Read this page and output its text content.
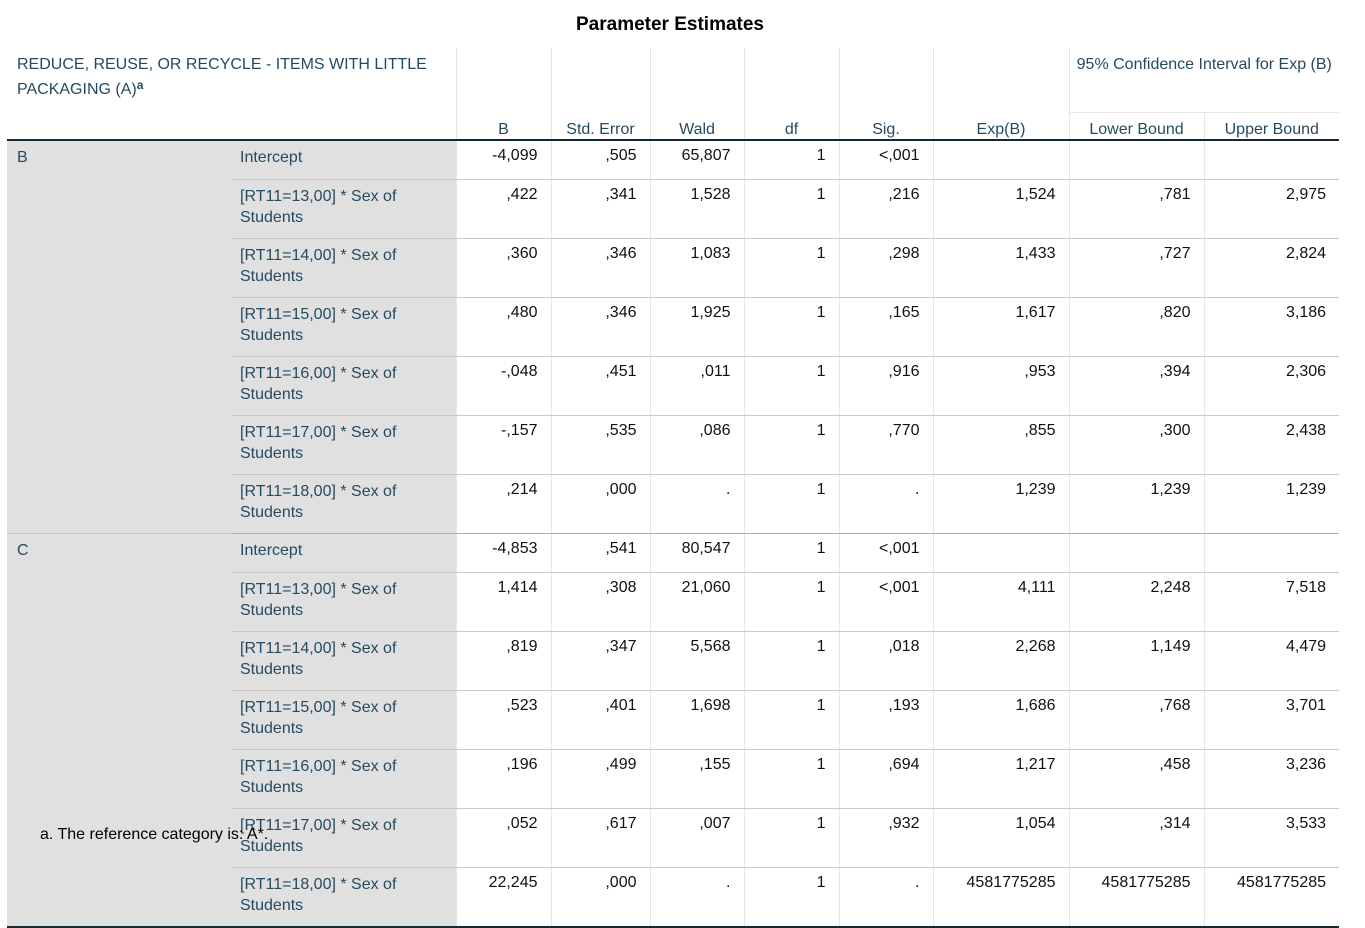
Parameter Estimates
REDUCE, REUSE, OR RECYCLE - ITEMS WITH LITTLE PACKAGING $(A)^a$								95% Confidence Interval for Exp (B)	
		B	Std. Error	Wald	df	Sig.	Exp(B)	Lower Bound	Upper Bound
B	Intercept	-4,099	,505	65,807	1	<,001			
	[RT11=13,00] * Sex of Students	,422	,341	1,528	1	,216	1,524	,781	2,975
	[RT11=14,00] * Sex of Students	,360	,346	1,083	1	,298	1,433	,727	2,824
	[RT11=15,00] * Sex of Students	,480	,346	1,925	1	,165	1,617	,820	3,186
	[RT11=16,00] * Sex of Students	-,048	,451	,011	1	,916	,953	,394	2,306
	[RT11=17,00] * Sex of Students	-,157	,535	,086	1	,770	,855	,300	2,438
	[RT11=18,00] * Sex of Students	,214	,000	.	1	.	1,239	1,239	1,239
C	Intercept	-4,853	,541	80,547	1	<,001			
	[RT11=13,00] * Sex of Students	1,414	,308	21,060	1	<,001	4,111	2,248	7,518
	[RT11=14,00] * Sex of Students	,819	,347	5,568	1	,018	2,268	1,149	4,479
	[RT11=15,00] * Sex of Students	,523	,401	1,698	1	,193	1,686	,768	3,701
	[RT11=16,00] * Sex of Students	,196	,499	,155	1	,694	1,217	,458	3,236
	[RT11=17,00] * Sex of Students	,052	,617	,007	1	,932	1,054	,314	3,533
	[RT11=18,00] * Sex of Students	22,245	,000	.	1	.	4581775285	4581775285	4581775285
a. The reference category is: A*.
